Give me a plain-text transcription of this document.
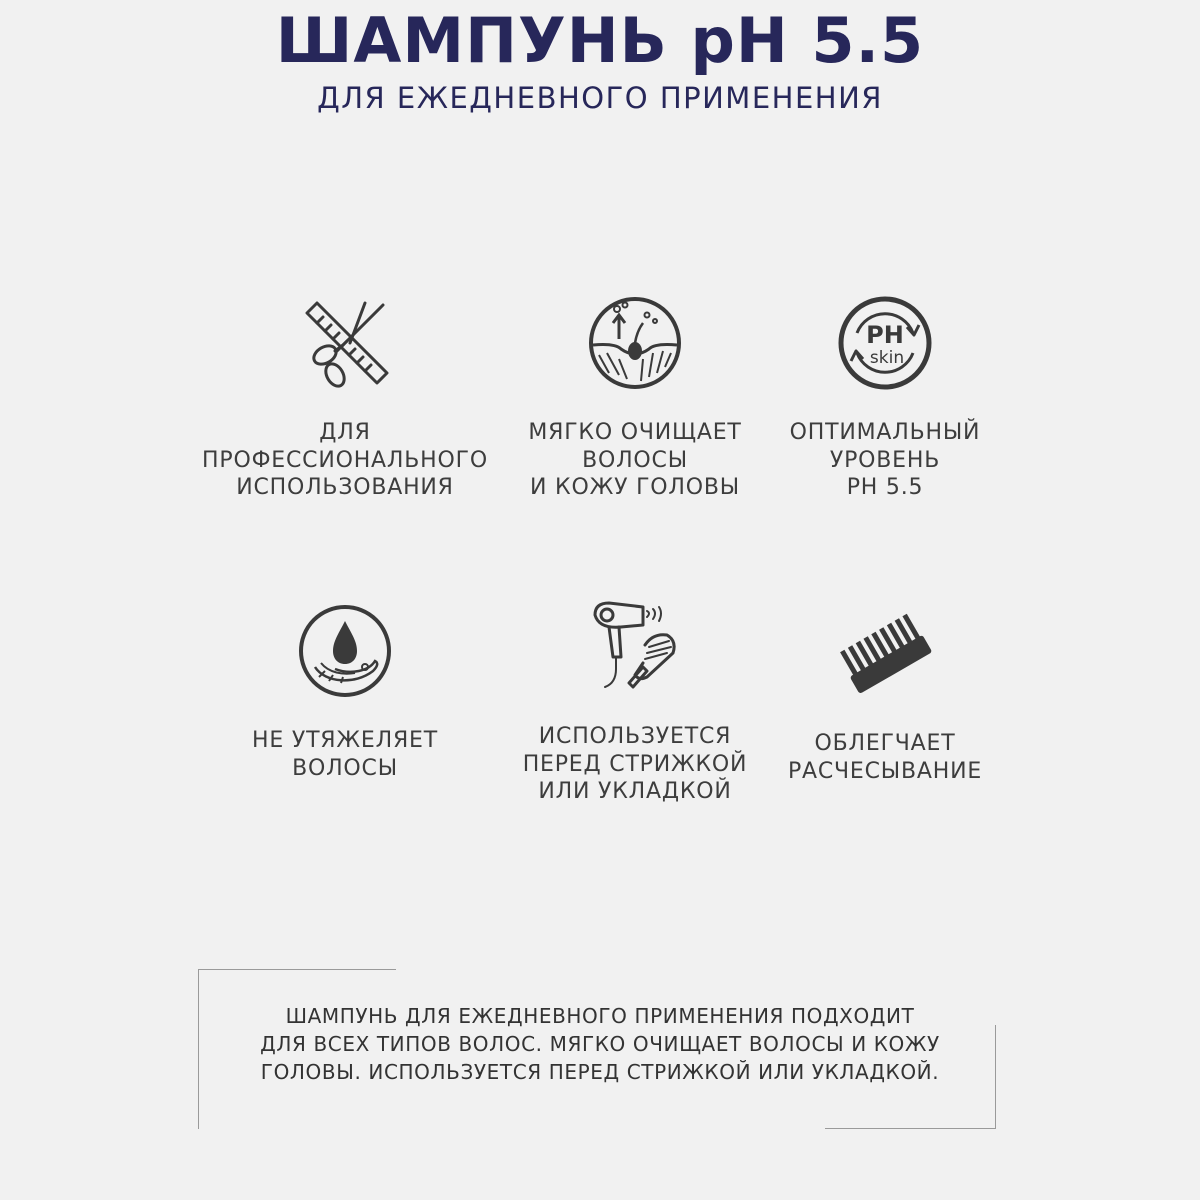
ШАМПУНЬ pH 5.5
ДЛЯ ЕЖЕДНЕВНОГО ПРИМЕНЕНИЯ
ДЛЯ
ПРОФЕССИОНАЛЬНОГО
ИСПОЛЬЗОВАНИЯ
МЯГКО ОЧИЩАЕТ
ВОЛОСЫ
И КОЖУ ГОЛОВЫ
PH
skin
ОПТИМАЛЬНЫЙ
УРОВЕНЬ
PH 5.5
НЕ УТЯЖЕЛЯЕТ
ВОЛОСЫ
ИСПОЛЬЗУЕТСЯ
ПЕРЕД СТРИЖКОЙ
ИЛИ УКЛАДКОЙ
ОБЛЕГЧАЕТ
РАСЧЕСЫВАНИЕ
ШАМПУНЬ ДЛЯ ЕЖЕДНЕВНОГО ПРИМЕНЕНИЯ ПОДХОДИТ
ДЛЯ ВСЕХ ТИПОВ ВОЛОС. МЯГКО ОЧИЩАЕТ ВОЛОСЫ И КОЖУ
ГОЛОВЫ. ИСПОЛЬЗУЕТСЯ ПЕРЕД СТРИЖКОЙ ИЛИ УКЛАДКОЙ.
